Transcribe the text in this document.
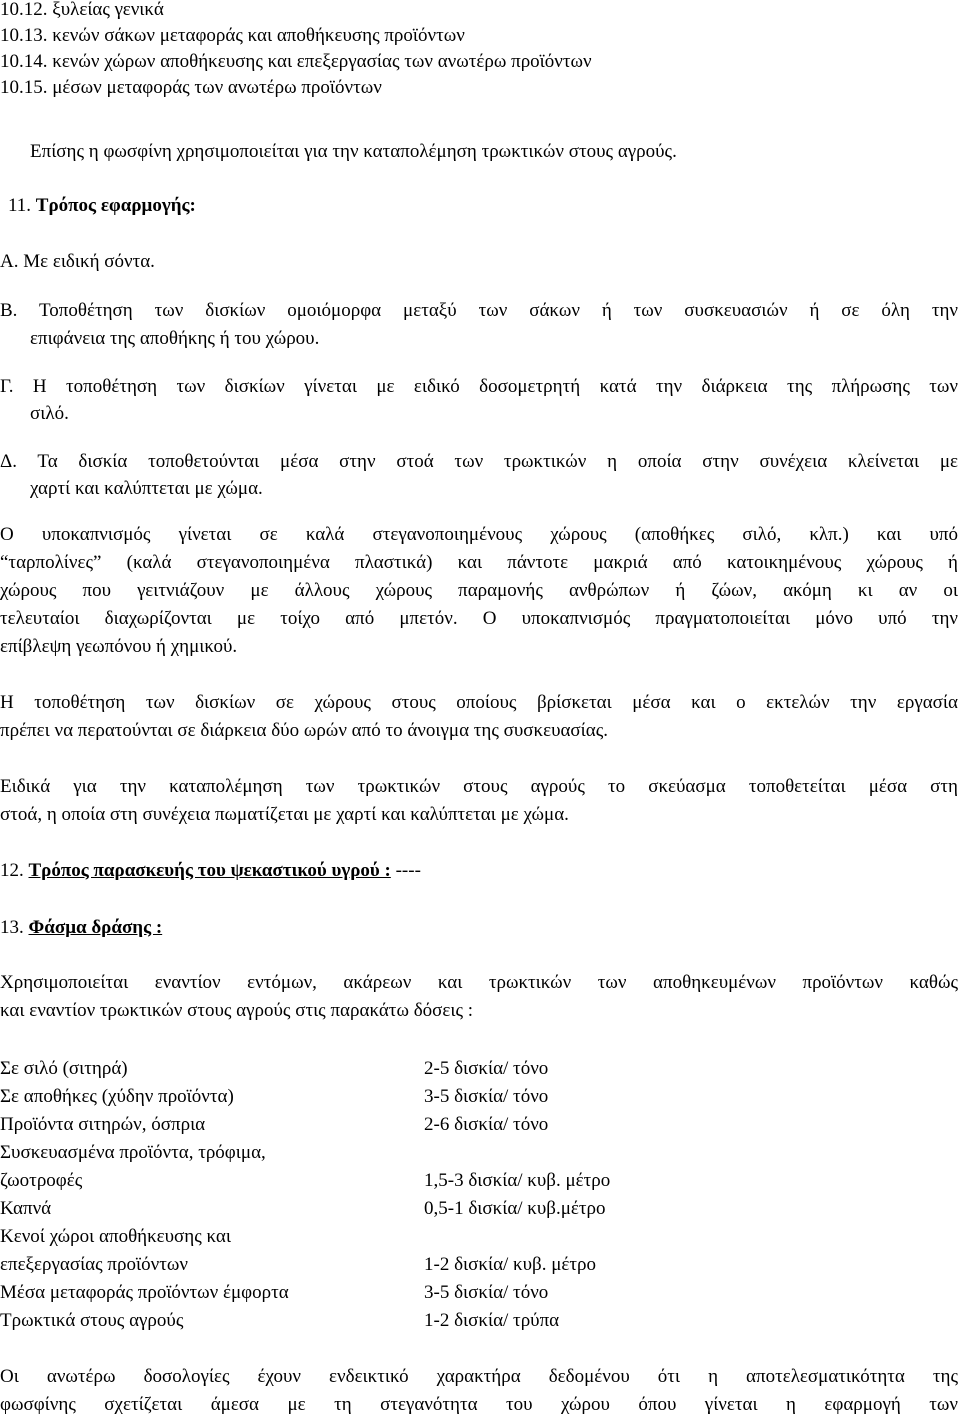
10.12. ξυλείας γενικά
10.13. κενών σάκων μεταφοράς και αποθήκευσης προϊόντων
10.14. κενών χώρων αποθήκευσης και επεξεργασίας των ανωτέρω προϊόντων
10.15. μέσων μεταφοράς των ανωτέρω προϊόντων
Επίσης η φωσφίνη χρησιμοποιείται για την καταπολέμηση τρωκτικών στους αγρούς.
11. Τρόπος εφαρμογής:
Α. Με ειδική σόντα.
Β. Τοποθέτηση των δισκίων ομοιόμορφα μεταξύ των σάκων ή των συσκευασιών ή σε όλη την
επιφάνεια της αποθήκης ή του χώρου.
Γ. Η τοποθέτηση των δισκίων γίνεται με ειδικό δοσομετρητή κατά την διάρκεια της πλήρωσης των
σιλό.
Δ. Τα δισκία τοποθετούνται μέσα στην στοά των τρωκτικών η οποία στην συνέχεια κλείνεται με
χαρτί και καλύπτεται με χώμα.
Ο υποκαπνισμός γίνεται σε καλά στεγανοποιημένους χώρους (αποθήκες σιλό, κλπ.) και υπό
“ταρπολίνες” (καλά στεγανοποιημένα πλαστικά) και πάντοτε μακριά από κατοικημένους χώρους ή
χώρους που γειτνιάζουν με άλλους χώρους παραμονής ανθρώπων ή ζώων, ακόμη κι αν οι
τελευταίοι διαχωρίζονται με τοίχο από μπετόν. Ο υποκαπνισμός πραγματοποιείται μόνο υπό την
επίβλεψη γεωπόνου ή χημικού.
Η τοποθέτηση των δισκίων σε χώρους στους οποίους βρίσκεται μέσα και ο εκτελών την εργασία
πρέπει να περατούνται σε διάρκεια δύο ωρών από το άνοιγμα της συσκευασίας.
Ειδικά για την καταπολέμηση των τρωκτικών στους αγρούς το σκεύασμα τοποθετείται μέσα στη
στοά, η οποία στη συνέχεια πωματίζεται με χαρτί και καλύπτεται με χώμα.
12. Τρόπος παρασκευής του ψεκαστικού υγρού : ----
13. Φάσμα δράσης :
Χρησιμοποιείται εναντίον εντόμων, ακάρεων και τρωκτικών των αποθηκευμένων προϊόντων καθώς
και εναντίον τρωκτικών στους αγρούς στις παρακάτω δόσεις :
Σε σιλό (σιτηρά)	2-5 δισκία/ τόνο
Σε αποθήκες (χύδην προϊόντα)	3-5 δισκία/ τόνο
Προϊόντα σιτηρών, όσπρια	2-6 δισκία/ τόνο
Συσκευασμένα προϊόντα, τρόφιμα,
ζωοτροφές	1,5-3 δισκία/ κυβ. μέτρο
Καπνά	0,5-1 δισκία/ κυβ.μέτρο
Κενοί χώροι αποθήκευσης και
επεξεργασίας προϊόντων	1-2 δισκία/ κυβ. μέτρο
Μέσα μεταφοράς προϊόντων έμφορτα	3-5 δισκία/ τόνο
Τρωκτικά στους αγρούς	1-2 δισκία/ τρύπα
Οι ανωτέρω δοσολογίες έχουν ενδεικτικό χαρακτήρα δεδομένου ότι η αποτελεσματικότητα της
φωσφίνης σχετίζεται άμεσα με τη στεγανότητα του χώρου όπου γίνεται η εφαρμογή των
